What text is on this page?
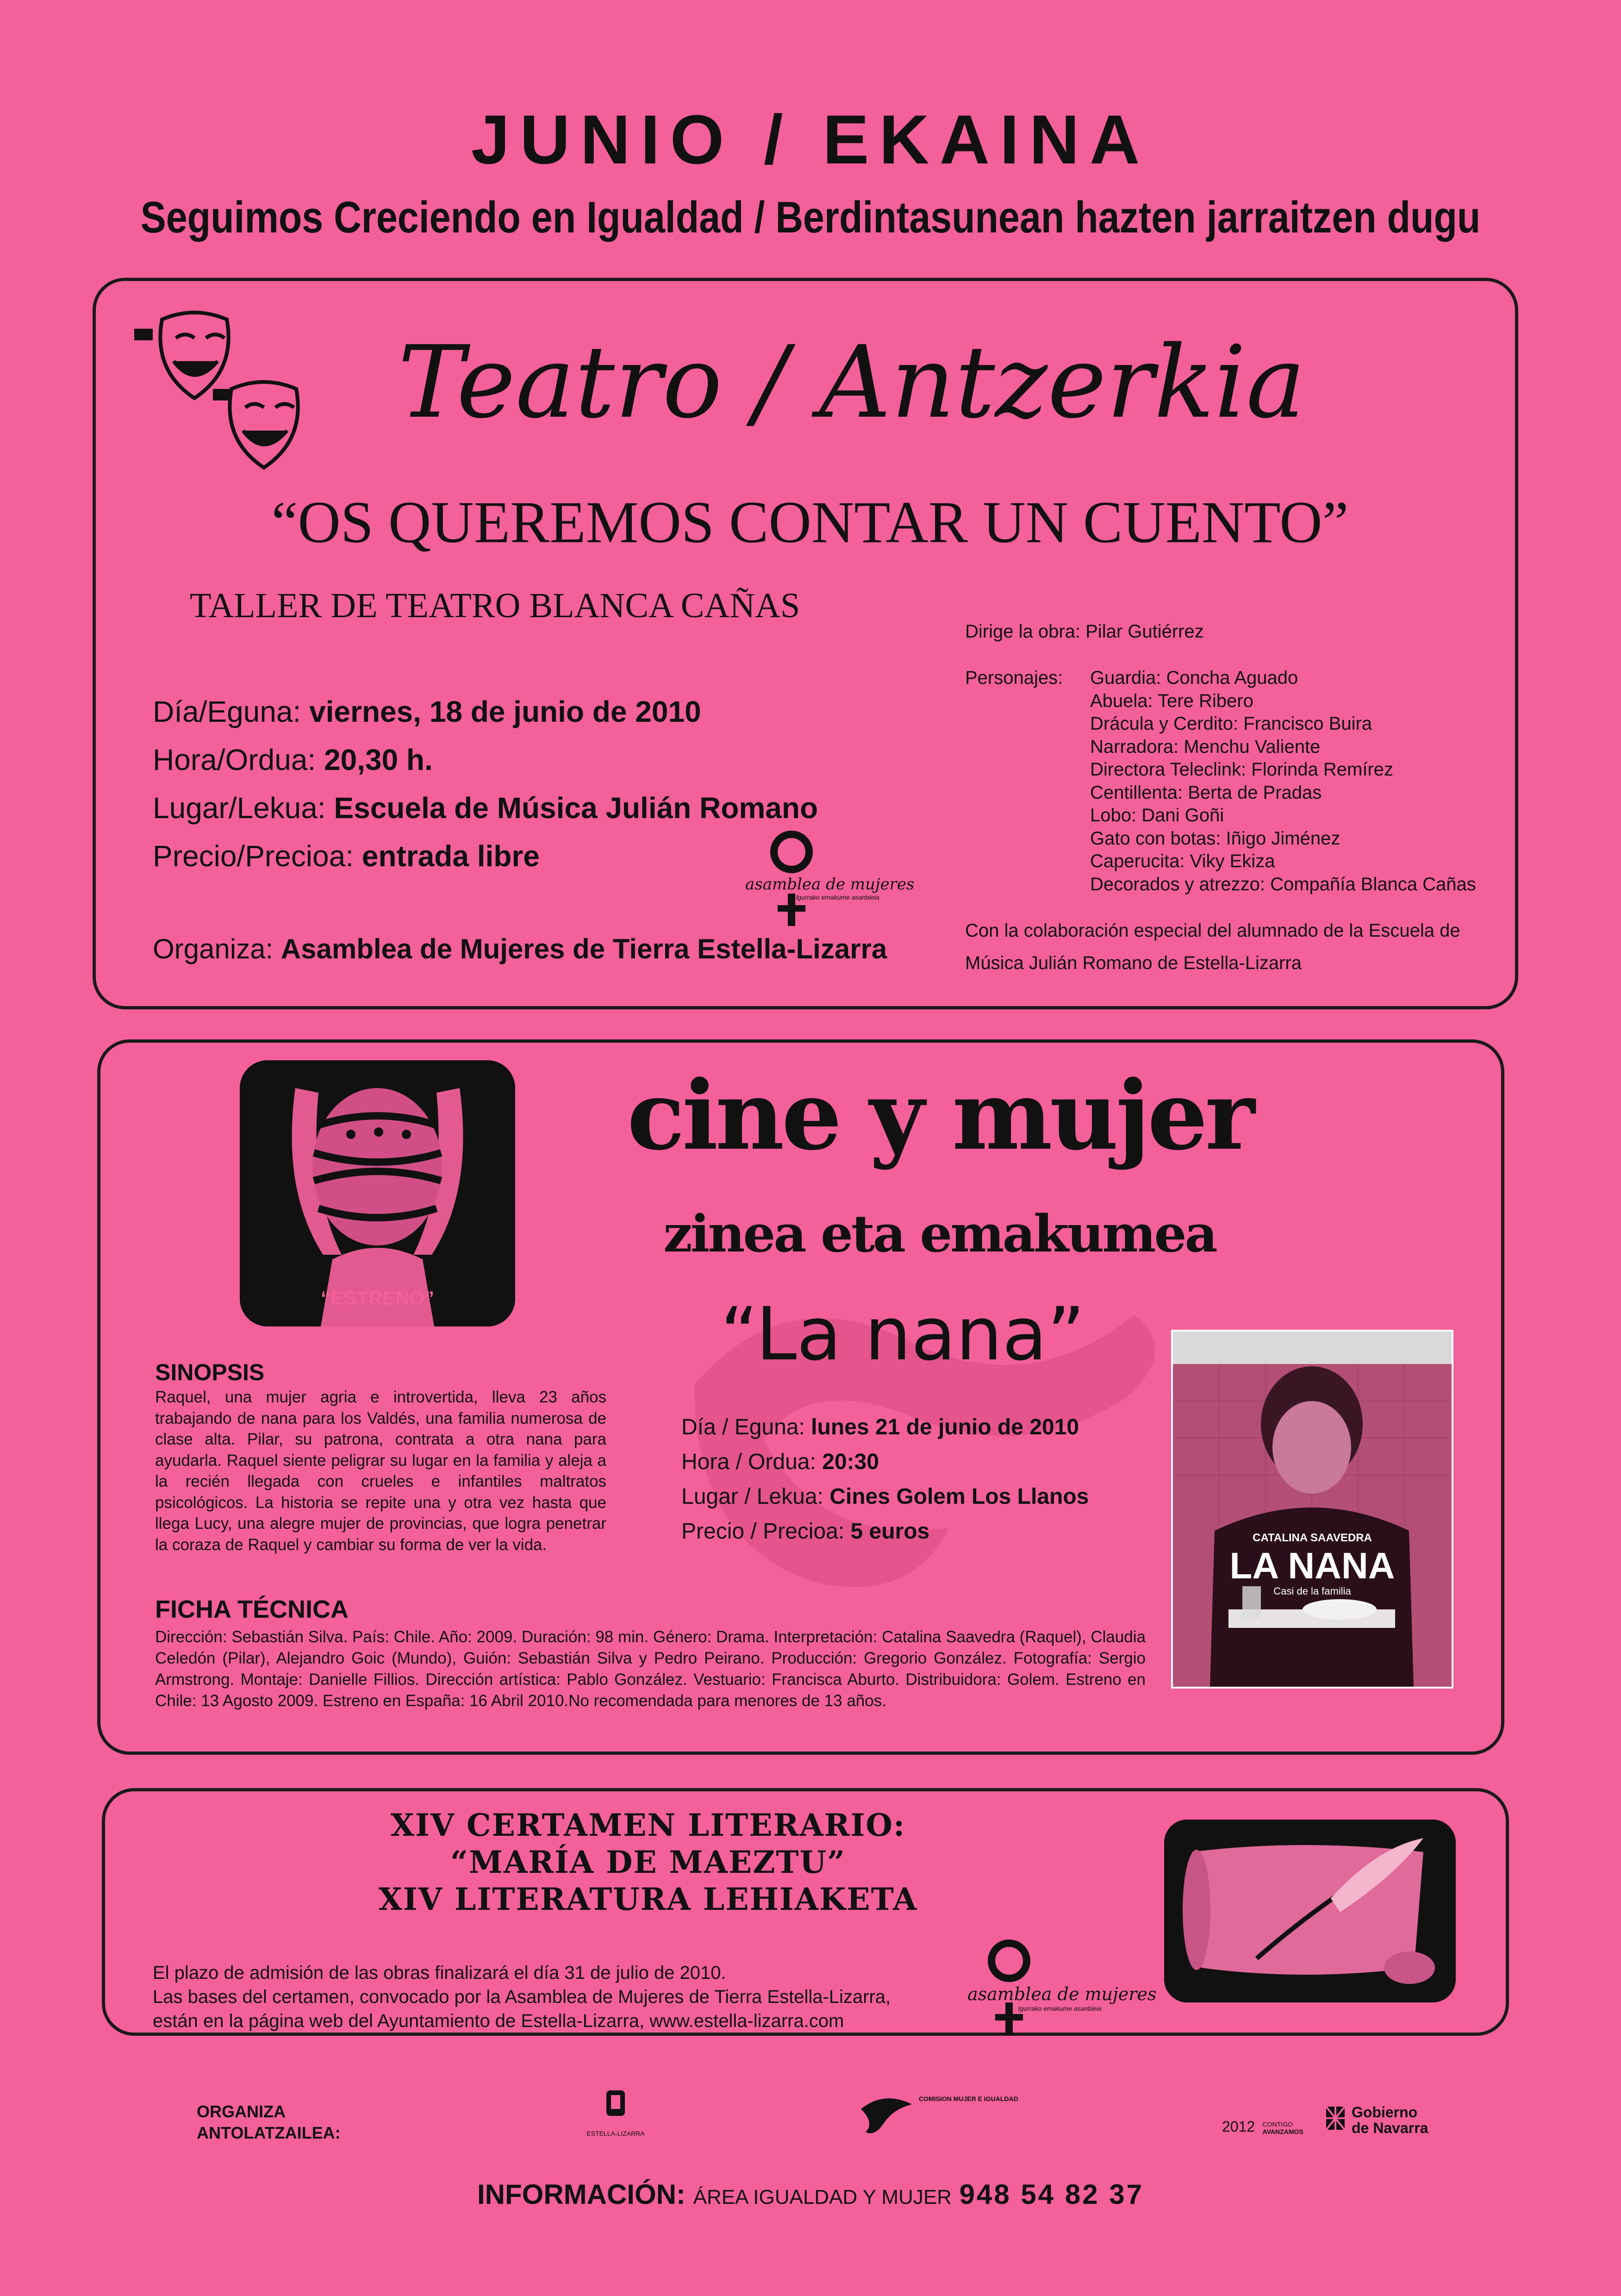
JUNIO / EKAINA
Seguimos Creciendo en Igualdad / Berdintasunean hazten jarraitzen dugu
Teatro / Antzerkia
“OS QUEREMOS CONTAR UN CUENTO”
TALLER DE TEATRO BLANCA CAÑAS
Día/Eguna: viernes, 18 de junio de 2010
Hora/Ordua: 20,30 h.
Lugar/Lekua: Escuela de Música Julián Romano
Precio/Precioa: entrada libre
asamblea de mujeres
lgurrako emakume asanbleia
Organiza: Asamblea de Mujeres de Tierra Estella-Lizarra
Dirige la obra: Pilar Gutiérrez
Personajes: Guardia: Concha Aguado
Abuela: Tere Ribero
Drácula y Cerdito: Francisco Buira
Narradora: Menchu Valiente
Directora Teleclink: Florinda Remírez
Centillenta: Berta de Pradas
Lobo: Dani Goñi
Gato con botas: Iñigo Jiménez
Caperucita: Viky Ekiza
Decorados y atrezzo: Compañía Blanca Cañas
Con la colaboración especial del alumnado de la Escuela de
Música Julián Romano de Estella-Lizarra
“ESTRENO”
cine y mujer
zinea eta emakumea
“La nana”
SINOPSIS
Raquel, una mujer agria e introvertida, lleva 23 años trabajando de nana para los Valdés, una familia numerosa de clase alta. Pilar, su patrona, contrata a otra nana para ayudarla. Raquel siente peligrar su lugar en la familia y aleja a la recién llegada con crueles e infantiles maltratos psicológicos. La historia se repite una y otra vez hasta que llega Lucy, una alegre mujer de provincias, que logra penetrar la coraza de Raquel y cambiar su forma de ver la vida.
Día / Eguna: lunes 21 de junio de 2010
Hora / Ordua: 20:30
Lugar / Lekua: Cines Golem Los Llanos
Precio / Precioa: 5 euros
FICHA TÉCNICA
Dirección: Sebastián Silva. País: Chile. Año: 2009. Duración: 98 min. Género: Drama. Interpretación: Catalina Saavedra (Raquel), Claudia Celedón (Pilar), Alejandro Goic (Mundo), Guión: Sebastián Silva y Pedro Peirano. Producción: Gregorio González. Fotografía: Sergio Armstrong. Montaje: Danielle Fillios. Dirección artística: Pablo González. Vestuario: Francisca Aburto. Distribuidora: Golem. Estreno en Chile: 13 Agosto 2009. Estreno en España: 16 Abril 2010.No recomendada para menores de 13 años.
CATALINA SAAVEDRA
LA NANA
Casi de la familia
XIV CERTAMEN LITERARIO:
“MARÍA DE MAEZTU”
XIV LITERATURA LEHIAKETA
El plazo de admisión de las obras finalizará el día 31 de julio de 2010.
Las bases del certamen, convocado por la Asamblea de Mujeres de Tierra Estella-Lizarra,
están en la página web del Ayuntamiento de Estella-Lizarra, www.estella-lizarra.com
asamblea de mujeres
lgurrako emakume asanbleia
ORGANIZA
ANTOLATZAILEA:	ESTELLA-LIZARRA
COMISION MUJER E IGUALDAD
2012 CONTIGO
AVANZAMOS
Gobierno
de Navarra
INFORMACIÓN: ÁREA IGUALDAD Y MUJER 948 54 82 37
